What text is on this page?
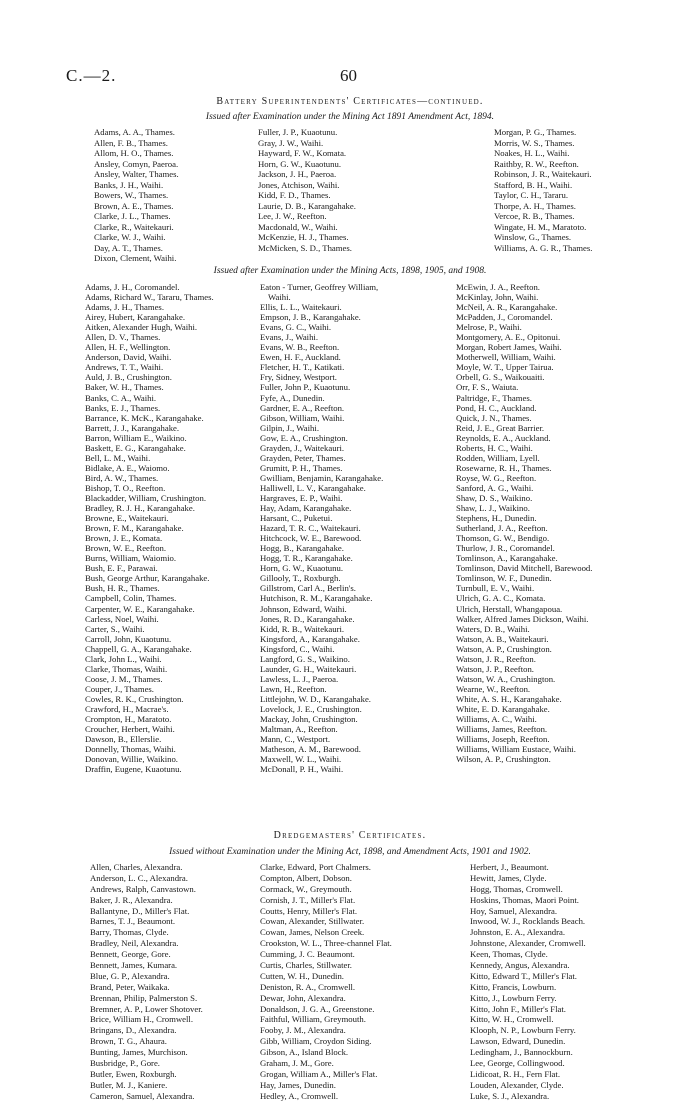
C.—2.	60
Battery Superintendents' Certificates—continued.
Issued after Examination under the Mining Act 1891 Amendment Act, 1894.
Adams, A. A., Thames.
Allen, F. B., Thames.
Allom, H. O., Thames.
Ansley, Comyn, Paeroa.
Ansley, Walter, Thames.
Banks, J. H., Waihi.
Bowers, W., Thames.
Brown, A. E., Thames.
Clarke, J. L., Thames.
Clarke, R., Waitekauri.
Clarke, W. J., Waihi.
Day, A. T., Thames.
Dixon, Clement, Waihi.
Fuller, J. P., Kuaotunu.
Gray, J. W., Waihi.
Hayward, F. W., Komata.
Horn, G. W., Kuaotunu.
Jackson, J. H., Paeroa.
Jones, Atchison, Waihi.
Kidd, F. D., Thames.
Laurie, D. B., Karangahake.
Lee, J. W., Reefton.
Macdonald, W., Waihi.
McKenzie, H. J., Thames.
McMicken, S. D., Thames.
Morgan, P. G., Thames.
Morris, W. S., Thames.
Noakes, H. L., Waihi.
Raithby, R. W., Reefton.
Robinson, J. R., Waitekauri.
Stafford, B. H., Waihi.
Taylor, C. H., Tararu.
Thorpe, A. H., Thames.
Vercoe, R. B., Thames.
Wingate, H. M., Maratoto.
Winslow, G., Thames.
Williams, A. G. R., Thames.
Issued after Examination under the Mining Acts, 1898, 1905, and 1908.
Adams, J. H., Coromandel.
Adams, Richard W., Tararu, Thames.
Adams, J. H., Thames.
Airey, Hubert, Karangahake.
Aitken, Alexander Hugh, Waihi.
Allen, D. V., Thames.
Allen, H. F., Wellington.
Anderson, David, Waihi.
Andrews, T. T., Waihi.
Auld, J. B., Crushington.
Baker, W. H., Thames.
Banks, C. A., Waihi.
Banks, E. J., Thames.
Barrance, K. McK., Karangahake.
Barrett, J. J., Karangahake.
Barron, William E., Waikino.
Baskett, E. G., Karangahake.
Bell, L. M., Waihi.
Bidlake, A. E., Waiomo.
Bird, A. W., Thames.
Bishop, T. O., Reefton.
Blackadder, William, Crushington.
Bradley, R. J. H., Karangahake.
Browne, E., Waitekauri.
Brown, F. M., Karangahake.
Brown, J. E., Komata.
Brown, W. E., Reefton.
Burns, William, Waiomio.
Bush, E. F., Parawai.
Bush, George Arthur, Karangahake.
Bush, H. R., Thames.
Campbell, Colin, Thames.
Carpenter, W. E., Karangahake.
Carless, Noel, Waihi.
Carter, S., Waihi.
Carroll, John, Kuaotunu.
Chappell, G. A., Karangahake.
Clark, John L., Waihi.
Clarke, Thomas, Waihi.
Coose, J. M., Thames.
Couper, J., Thames.
Cowles, R. K., Crushington.
Crawford, H., Macrae's.
Crompton, H., Maratoto.
Croucher, Herbert, Waihi.
Dawson, B., Ellerslie.
Donnelly, Thomas, Waihi.
Donovan, Willie, Waikino.
Draffin, Eugene, Kuaotunu.
Eaton - Turner, Geoffrey William,
Waihi.
Ellis, L. L., Waitekauri.
Empson, J. B., Karangahake.
Evans, G. C., Waihi.
Evans, J., Waihi.
Evans, W. B., Reefton.
Ewen, H. F., Auckland.
Fletcher, H. T., Katikati.
Fry, Sidney, Westport.
Fuller, John P., Kuaotunu.
Fyfe, A., Dunedin.
Gardner, E. A., Reefton.
Gibson, William, Waihi.
Gilpin, J., Waihi.
Gow, E. A., Crushington.
Grayden, J., Waitekauri.
Grayden, Peter, Thames.
Grumitt, P. H., Thames.
Gwilliam, Benjamin, Karangahake.
Halliwell, L. V., Karangahake.
Hargraves, E. P., Waihi.
Hay, Adam, Karangahake.
Harsant, C., Puketui.
Hazard, T. R. C., Waitekauri.
Hitchcock, W. E., Barewood.
Hogg, B., Karangahake.
Hogg, T. R., Karangahake.
Horn, G. W., Kuaotunu.
Gillooly, T., Roxburgh.
Gillstrom, Carl A., Berlin's.
Hutchison, R. M., Karangahake.
Johnson, Edward, Waihi.
Jones, R. D., Karangahake.
Kidd, R. B., Waitekauri.
Kingsford, A., Karangahake.
Kingsford, C., Waihi.
Langford, G. S., Waikino.
Launder, G. H., Waitekauri.
Lawless, L. J., Paeroa.
Lawn, H., Reefton.
Littlejohn, W. D., Karangahake.
Lovelock, J. E., Crushington.
Mackay, John, Crushington.
Maltman, A., Reefton.
Mann, C., Westport.
Matheson, A. M., Barewood.
Maxwell, W. L., Waihi.
McDonall, P. H., Waihi.
McEwin, J. A., Reefton.
McKinlay, John, Waihi.
McNeil, A. R., Karangahake.
McPadden, J., Coromandel.
Melrose, P., Waihi.
Montgomery, A. E., Opitonui.
Morgan, Robert James, Waihi.
Motherwell, William, Waihi.
Moyle, W. T., Upper Tairua.
Orbell, G. S., Waikouaiti.
Orr, F. S., Waiuta.
Paltridge, F., Thames.
Pond, H. C., Auckland.
Quick, J. N., Thames.
Reid, J. E., Great Barrier.
Reynolds, E. A., Auckland.
Roberts, H. C., Waihi.
Rodden, William, Lyell.
Rosewarne, R. H., Thames.
Royse, W. G., Reefton.
Sanford, A. G., Waihi.
Shaw, D. S., Waikino.
Shaw, L. J., Waikino.
Stephens, H., Dunedin.
Sutherland, J. A., Reefton.
Thomson, G. W., Bendigo.
Thurlow, J. R., Coromandel.
Tomlinson, A., Karangahake.
Tomlinson, David Mitchell, Barewood.
Tomlinson, W. F., Dunedin.
Turnbull, E. V., Waihi.
Ulrich, G. A. C., Komata.
Ulrich, Herstall, Whangapoua.
Walker, Alfred James Dickson, Waihi.
Waters, D. B., Waihi.
Watson, A. B., Waitekauri.
Watson, A. P., Crushington.
Watson, J. R., Reefton.
Watson, J. P., Reefton.
Watson, W. A., Crushington.
Wearne, W., Reefton.
White, A. S. H., Karangahake.
White, E. D. Karangahake.
Williams, A. C., Waihi.
Williams, James, Reefton.
Williams, Joseph, Reefton.
Williams, William Eustace, Waihi.
Wilson, A. P., Crushington.
Dredgemasters' Certificates.
Issued without Examination under the Mining Act, 1898, and Amendment Acts, 1901 and 1902.
Allen, Charles, Alexandra.
Anderson, L. C., Alexandra.
Andrews, Ralph, Canvastown.
Baker, J. R., Alexandra.
Ballantyne, D., Miller's Flat.
Barnes, T. J., Beaumont.
Barry, Thomas, Clyde.
Bradley, Neil, Alexandra.
Bennett, George, Gore.
Bennett, James, Kumara.
Blue, G. P., Alexandra.
Brand, Peter, Waikaka.
Brennan, Philip, Palmerston S.
Bremner, A. P., Lower Shotover.
Brice, William H., Cromwell.
Bringans, D., Alexandra.
Brown, T. G., Ahaura.
Bunting, James, Murchison.
Busbridge, P., Gore.
Butler, Ewen, Roxburgh.
Butler, M. J., Kaniere.
Cameron, Samuel, Alexandra.
Clarke, Edward, Port Chalmers.
Compton, Albert, Dobson.
Cormack, W., Greymouth.
Cornish, J. T., Miller's Flat.
Coutts, Henry, Miller's Flat.
Cowan, Alexander, Stillwater.
Cowan, James, Nelson Creek.
Crookston, W. L., Three-channel Flat.
Cumming, J. C. Beaumont.
Curtis, Charles, Stillwater.
Cutten, W. H., Dunedin.
Deniston, R. A., Cromwell.
Dewar, John, Alexandra.
Donaldson, J. G. A., Greenstone.
Faithful, William, Greymouth.
Fooby, J. M., Alexandra.
Gibb, William, Croydon Siding.
Gibson, A., Island Block.
Graham, J. M., Gore.
Grogan, William A., Miller's Flat.
Hay, James, Dunedin.
Hedley, A., Cromwell.
Herbert, J., Beaumont.
Hewitt, James, Clyde.
Hogg, Thomas, Cromwell.
Hoskins, Thomas, Maori Point.
Hoy, Samuel, Alexandra.
Inwood, W. J., Rocklands Beach.
Johnston, E. A., Alexandra.
Johnstone, Alexander, Cromwell.
Keen, Thomas, Clyde.
Kennedy, Angus, Alexandra.
Kitto, Edward T., Miller's Flat.
Kitto, Francis, Lowburn.
Kitto, J., Lowburn Ferry.
Kitto, John F., Miller's Flat.
Kitto, W. H., Cromwell.
Klooph, N. P., Lowburn Ferry.
Lawson, Edward, Dunedin.
Ledingham, J., Bannockburn.
Lee, George, Collingwood.
Lidicoat, R. H., Fern Flat.
Louden, Alexander, Clyde.
Luke, S. J., Alexandra.
